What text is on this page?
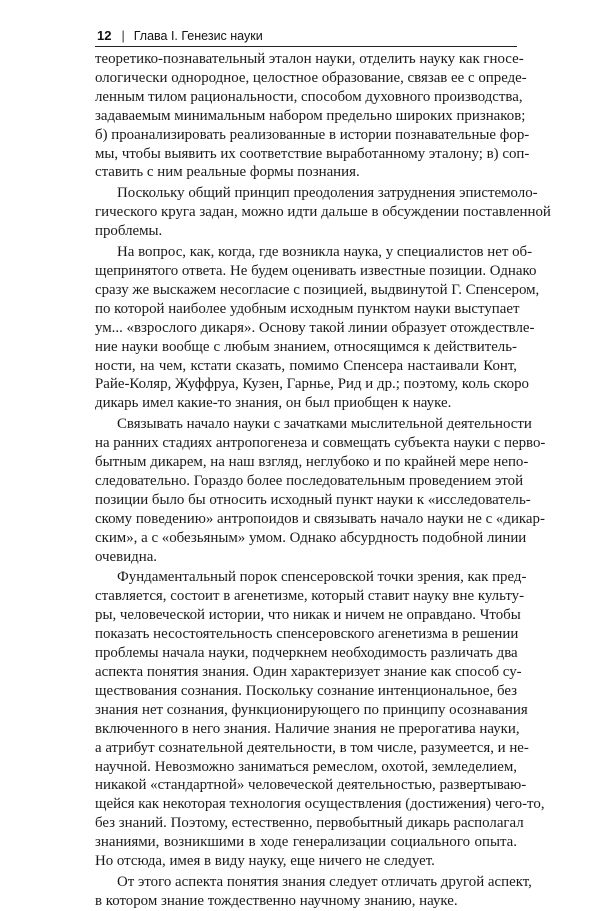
12 | Глава I. Генезис науки

теоретико-познавательный эталон науки, отделить науку как гносе-
ологически однородное, целостное образование, связав ее с опреде-
ленным тилом рациональности, способом духовного производства,
задаваемым минимальным набором предельно широких признаков;
б) проанализировать реализованные в истории познавательные фор-
мы, чтобы выявить их соответствие выработанному эталону; в) соп-
ставить с ним реальные формы познания.

Поскольку общий принцип преодоления затруднения эпистемоло-
гического круга задан, можно идти дальше в обсуждении поставленной
проблемы.

На вопрос, как, когда, где возникла наука, у специалистов нет об-
щепринятого ответа. Не будем оценивать известные позиции. Однако
сразу же выскажем несогласие с позицией, выдвинутой Г. Спенсером,
по которой наиболее удобным исходным пунктом науки выступает
ум... «взрослого дикаря». Основу такой линии образует отождествле-
ние науки вообще с любым знанием, относящимся к действитель-
ности, на чем, кстати сказать, помимо Спенсера настаивали Конт,
Райе-Коляр, Жуффруа, Кузен, Гарнье, Рид и др.; поэтому, коль скоро
дикарь имел какие-то знания, он был приобщен к науке.

Связывать начало науки с зачатками мыслительной деятельности
на ранних стадиях антропогенеза и совмещать субъекта науки с перво-
бытным дикарем, на наш взгляд, неглубоко и по крайней мере непо-
следовательно. Гораздо более последовательным проведением этой
позиции было бы относить исходный пункт науки к «исследователь-
скому поведению» антропоидов и связывать начало науки не с «дикар-
ским», а с «обезьяным» умом. Однако абсурдность подобной линии
очевидна.

Фундаментальный порок спенсеровской точки зрения, как пред-
ставляется, состоит в агенетизме, который ставит науку вне культу-
ры, человеческой истории, что никак и ничем не оправдано. Чтобы
показать несостоятельность спенсеровского агенетизма в решении
проблемы начала науки, подчеркнем необходимость различать два
аспекта понятия знания. Один характеризует знание как способ су-
ществования сознания. Поскольку сознание интенциональное, без
знания нет сознания, функционирующего по принципу осознавания
включенного в него знания. Наличие знания не прерогатива науки,
а атрибут сознательной деятельности, в том числе, разумеется, и не-
научной. Невозможно заниматься ремеслом, охотой, земледелием,
никакой «стандартной» человеческой деятельностью, развертываю-
щейся как некоторая технология осуществления (достижения) чего-то,
без знаний. Поэтому, естественно, первобытный дикарь располагал
знаниями, возникшими в ходе генерализации социального опыта.
Но отсюда, имея в виду науку, еще ничего не следует.

От этого аспекта понятия знания следует отличать другой аспект,
в котором знание тождественно научному знанию, науке.
